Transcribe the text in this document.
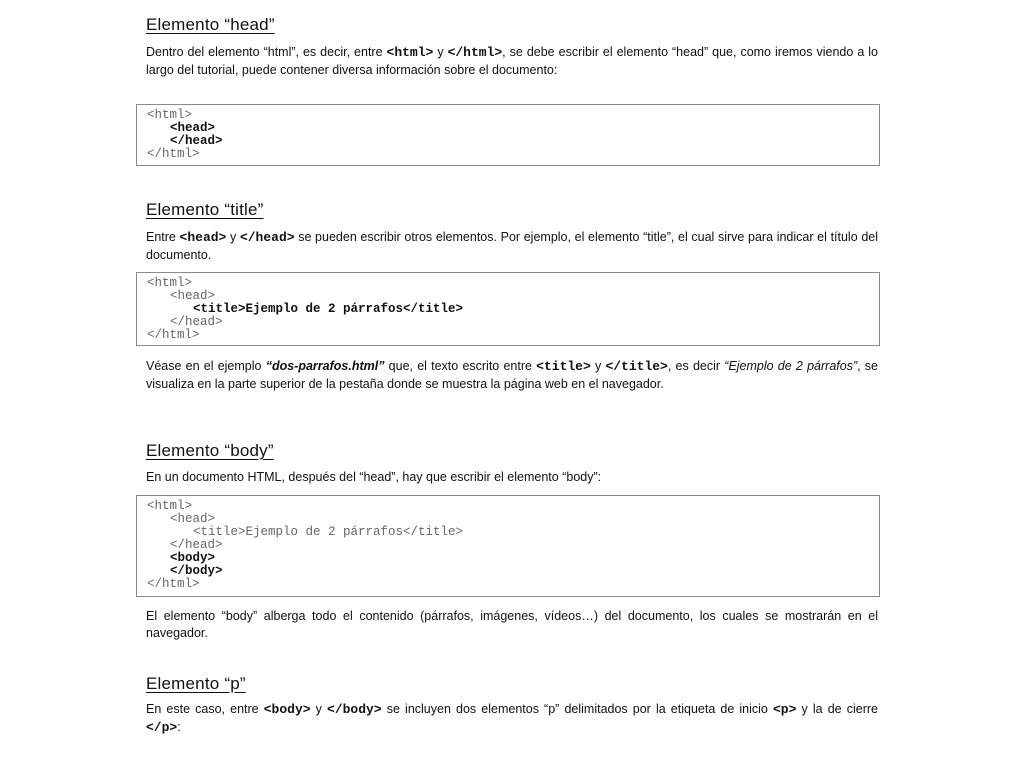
Elemento “head”

Dentro del elemento “html”, es decir, entre <html> y </html>, se debe escribir el elemento “head” que, como iremos viendo a lo largo del tutorial, puede contener diversa información sobre el documento:

<html>
<head>
</head>
</html>
Elemento “title”

Entre <head> y </head> se pueden escribir otros elementos. Por ejemplo, el elemento “title”, el cual sirve para indicar el título del documento.

<html>
<head>
<title>Ejemplo de 2 párrafos</title>
</head>
</html>

Véase en el ejemplo “dos-parrafos.html” que, el texto escrito entre <title> y </title>, es decir “Ejemplo de 2 párrafos”, se visualiza en la parte superior de la pestaña donde se muestra la página web en el navegador.

Elemento “body”

En un documento HTML, después del “head”, hay que escribir el elemento “body”:

<html>
<head>
<title>Ejemplo de 2 párrafos</title>
</head>
<body>
</body>
</html>

El elemento “body” alberga todo el contenido (párrafos, imágenes, vídeos…) del documento, los cuales se mostrarán en el navegador.

Elemento “p”

En este caso, entre <body> y </body> se incluyen dos elementos “p” delimitados por la etiqueta de inicio <p> y la de cierre </p>:
